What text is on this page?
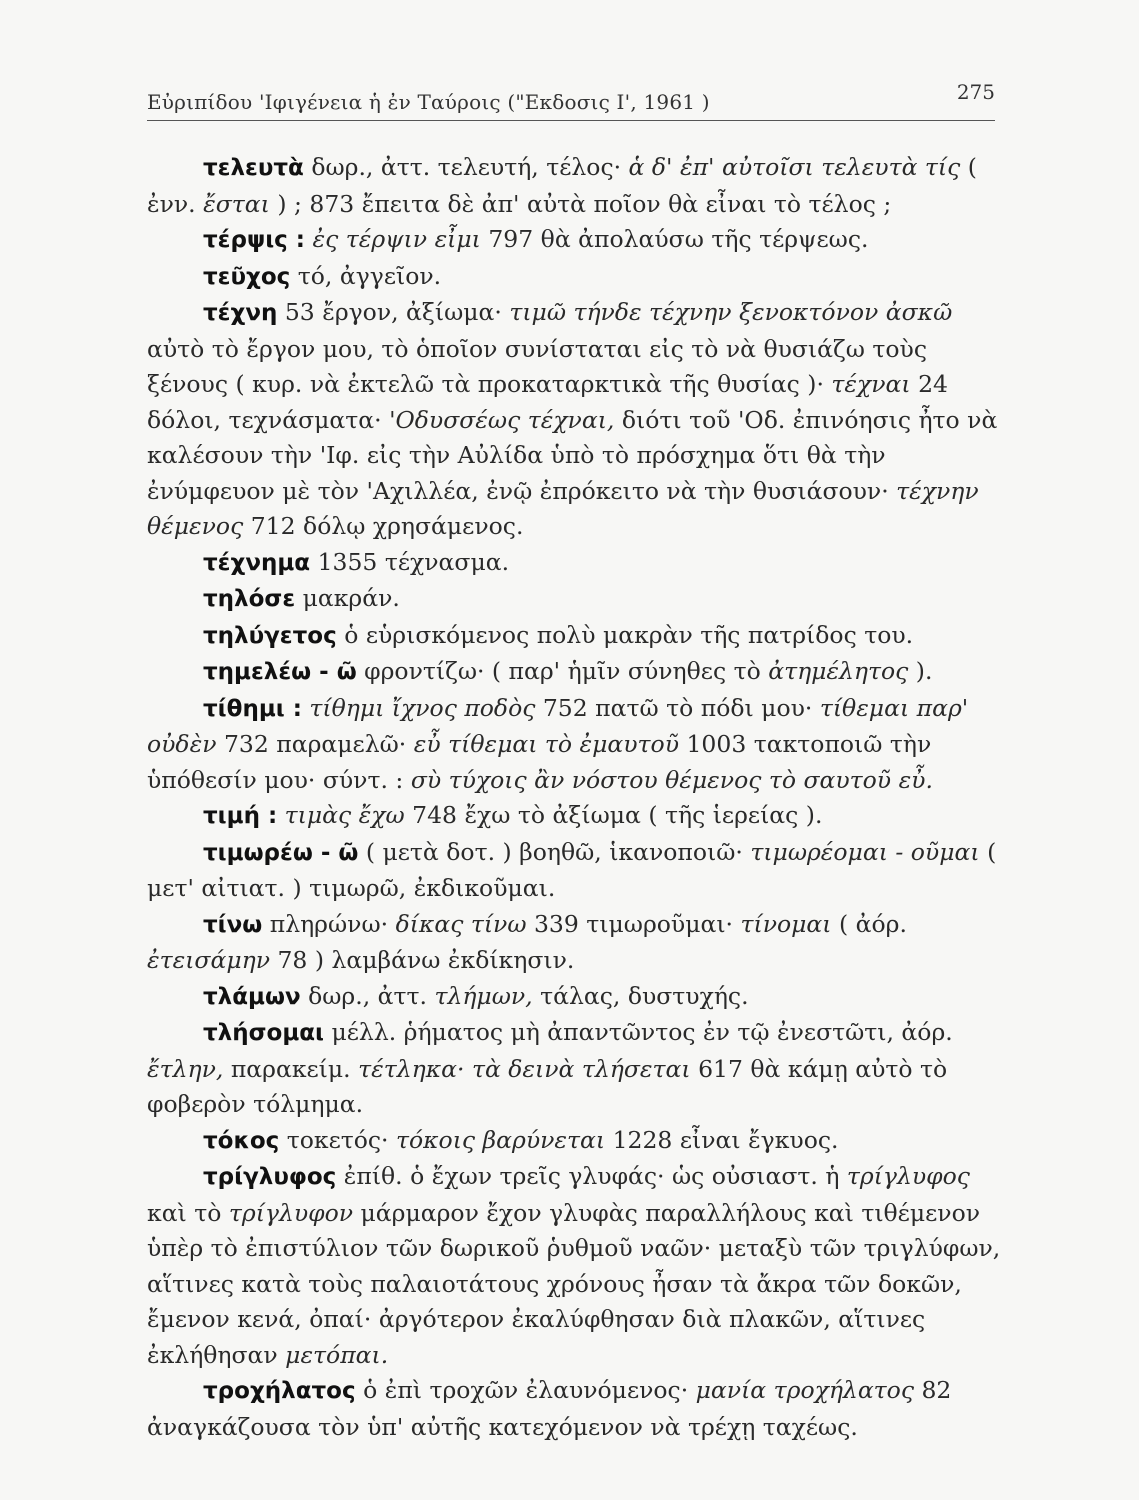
Εὐριπίδου 'Ιφιγένεια ἡ ἐν Ταύροις ("Εκδοσις Ι', 1961 )	275

τελευτὰ δωρ., ἀττ. τελευτή, τέλος· ἁ δ' ἐπ' αὐτοῖσι τελευτὰ τίς ( ἐνν. ἔσται ) ; 873 ἔπειτα δὲ ἀπ' αὐτὰ ποῖον θὰ εἶναι τὸ τέλος ;

τέρψις : ἐς τέρψιν εἶμι 797 θὰ ἀπολαύσω τῆς τέρψεως.

τεῦχος τό, ἀγγεῖον.

τέχνη 53 ἔργον, ἀξίωμα· τιμῶ τήνδε τέχνην ξενοκτόνον ἀσκῶ αὐτὸ τὸ ἔργον μου, τὸ ὁποῖον συνίσταται εἰς τὸ νὰ θυσιάζω τοὺς ξένους ( κυρ. νὰ ἐκτελῶ τὰ προκαταρκτικὰ τῆς θυσίας )· τέχναι 24 δόλοι, τεχνάσματα· 'Οδυσσέως τέχναι, διότι τοῦ 'Οδ. ἐπινόησις ἦτο νὰ καλέσουν τὴν 'Ιφ. εἰς τὴν Αὐλίδα ὑπὸ τὸ πρόσχημα ὅτι θὰ τὴν ἐνύμφευον μὲ τὸν 'Αχιλλέα, ἐνῷ ἐπρόκειτο νὰ τὴν θυσιάσουν· τέχνην θέμενος 712 δόλῳ χρησάμενος.

τέχνημα 1355 τέχνασμα.

τηλόσε μακράν.

τηλύγετος ὁ εὑρισκόμενος πολὺ μακρὰν τῆς πατρίδος του.

τημελέω - ῶ φροντίζω· ( παρ' ἡμῖν σύνηθες τὸ ἀτημέλητος ).

τίθημι : τίθημι ἴχνος ποδὸς 752 πατῶ τὸ πόδι μου· τίθεμαι παρ' οὐδὲν 732 παραμελῶ· εὖ τίθεμαι τὸ ἐμαυτοῦ 1003 τακτοποιῶ τὴν ὑπόθεσίν μου· σύντ. : σὺ τύχοις ἂν νόστου θέμενος τὸ σαυτοῦ εὖ.

τιμή : τιμὰς ἔχω 748 ἔχω τὸ ἀξίωμα ( τῆς ἱερείας ).

τιμωρέω - ῶ ( μετὰ δοτ. ) βοηθῶ, ἱκανοποιῶ· τιμωρέομαι - οῦμαι ( μετ' αἰτιατ. ) τιμωρῶ, ἐκδικοῦμαι.

τίνω πληρώνω· δίκας τίνω 339 τιμωροῦμαι· τίνομαι ( ἀόρ. ἐτεισάμην 78 ) λαμβάνω ἐκδίκησιν.

τλάμων δωρ., ἀττ. τλήμων, τάλας, δυστυχής.

τλήσομαι μέλλ. ῥήματος μὴ ἀπαντῶντος ἐν τῷ ἐνεστῶτι, ἀόρ. ἔτλην, παρακείμ. τέτληκα· τὰ δεινὰ τλήσεται 617 θὰ κάμῃ αὐτὸ τὸ φοβερὸν τόλμημα.

τόκος τοκετός· τόκοις βαρύνεται 1228 εἶναι ἔγκυος.

τρίγλυφος ἐπίθ. ὁ ἔχων τρεῖς γλυφάς· ὡς οὐσιαστ. ἡ τρίγλυφος καὶ τὸ τρίγλυφον μάρμαρον ἔχον γλυφὰς παραλλήλους καὶ τιθέμενον ὑπὲρ τὸ ἐπιστύλιον τῶν δωρικοῦ ῥυθμοῦ ναῶν· μεταξὺ τῶν τριγλύφων, αἵτινες κατὰ τοὺς παλαιοτάτους χρόνους ἦσαν τὰ ἄκρα τῶν δοκῶν, ἔμενον κενά, ὀπαί· ἀργότερον ἐκαλύφθησαν διὰ πλακῶν, αἵτινες ἐκλήθησαν μετόπαι.

τροχήλατος ὁ ἐπὶ τροχῶν ἐλαυνόμενος· μανία τροχήλατος 82 ἀναγκάζουσα τὸν ὑπ' αὐτῆς κατεχόμενον νὰ τρέχῃ ταχέως.
